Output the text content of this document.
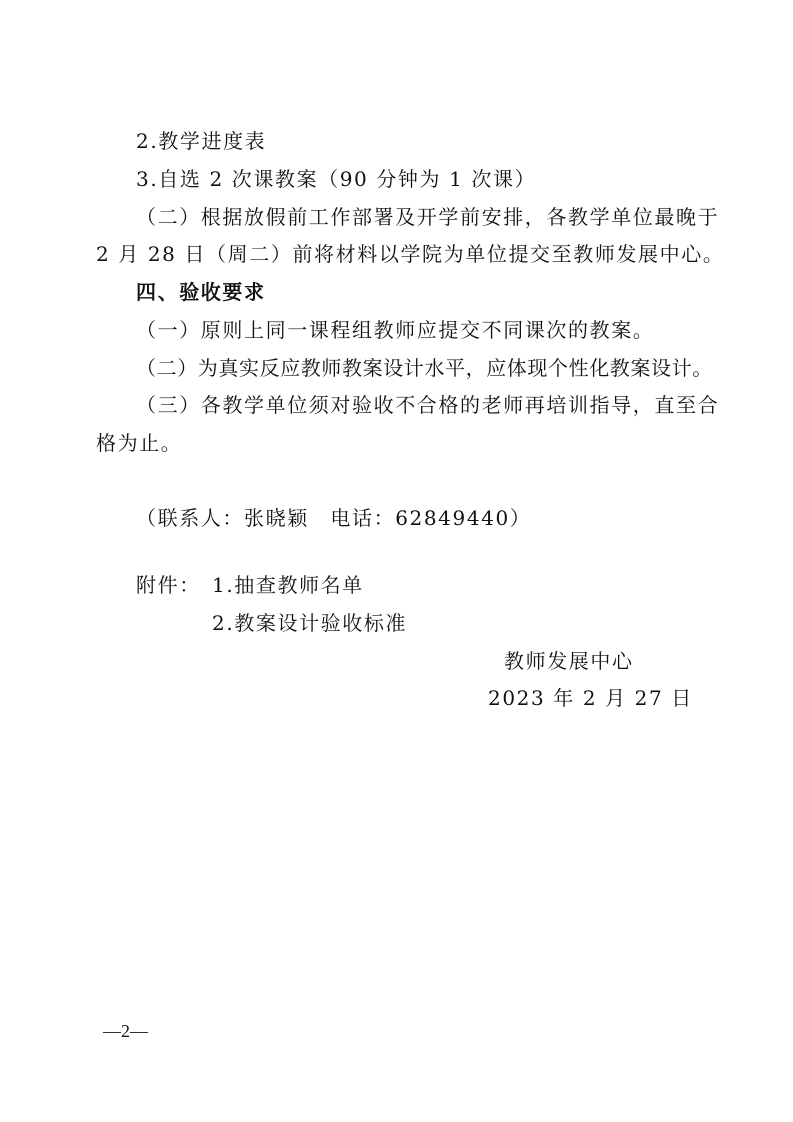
2.教学进度表
3.自选 2 次课教案（90 分钟为 1 次课）
（二）根据放假前工作部署及开学前安排，各教学单位最晚于
2 月 28 日（周二）前将材料以学院为单位提交至教师发展中心。
四、验收要求
（一）原则上同一课程组教师应提交不同课次的教案。
（二）为真实反应教师教案设计水平，应体现个性化教案设计。
（三）各教学单位须对验收不合格的老师再培训指导，直至合
格为止。
（联系人：张晓颖　电话：62849440）
附件： 1.抽查教师名单
2.教案设计验收标准
教师发展中心
2023 年 2 月 27 日
—2—
